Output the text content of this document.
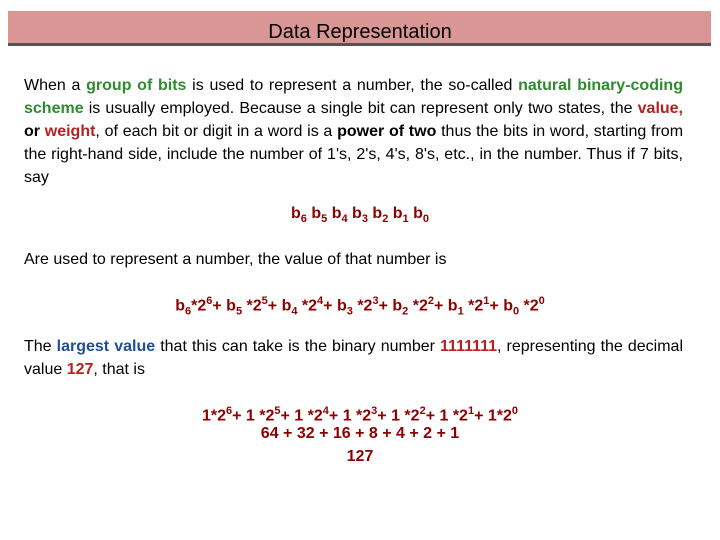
Data Representation
When a group of bits is used to represent a number, the so-called natural binary-coding scheme is usually employed. Because a single bit can represent only two states, the value, or weight, of each bit or digit in a word is a power of two thus the bits in word, starting from the right-hand side, include the number of 1's, 2's, 4's, 8's, etc., in the number. Thus if 7 bits, say
$b_6$ $b_5$ $b_4$ $b_3$ $b_2$ $b_1$ $b_0$
Are used to represent a number, the value of that number is
$b_6*2^6+ b_5$ $*2^5+ b_4$ $*2^4+ b_3$ $*2^3+ b_2$ $*2^2+ b_1$ $*2^1+ b_0$ $*2^0$
The largest value that this can take is the binary number 1111111, representing the decimal value 127, that is
$1*2^6+ 1$ $*2^5+ 1$ $*2^4+ 1$ $*2^3+ 1$ $*2^2+ 1$ $*2^1+ 1*2^0$
64 + 32 + 16 + 8 + 4 + 2 + 1
127
